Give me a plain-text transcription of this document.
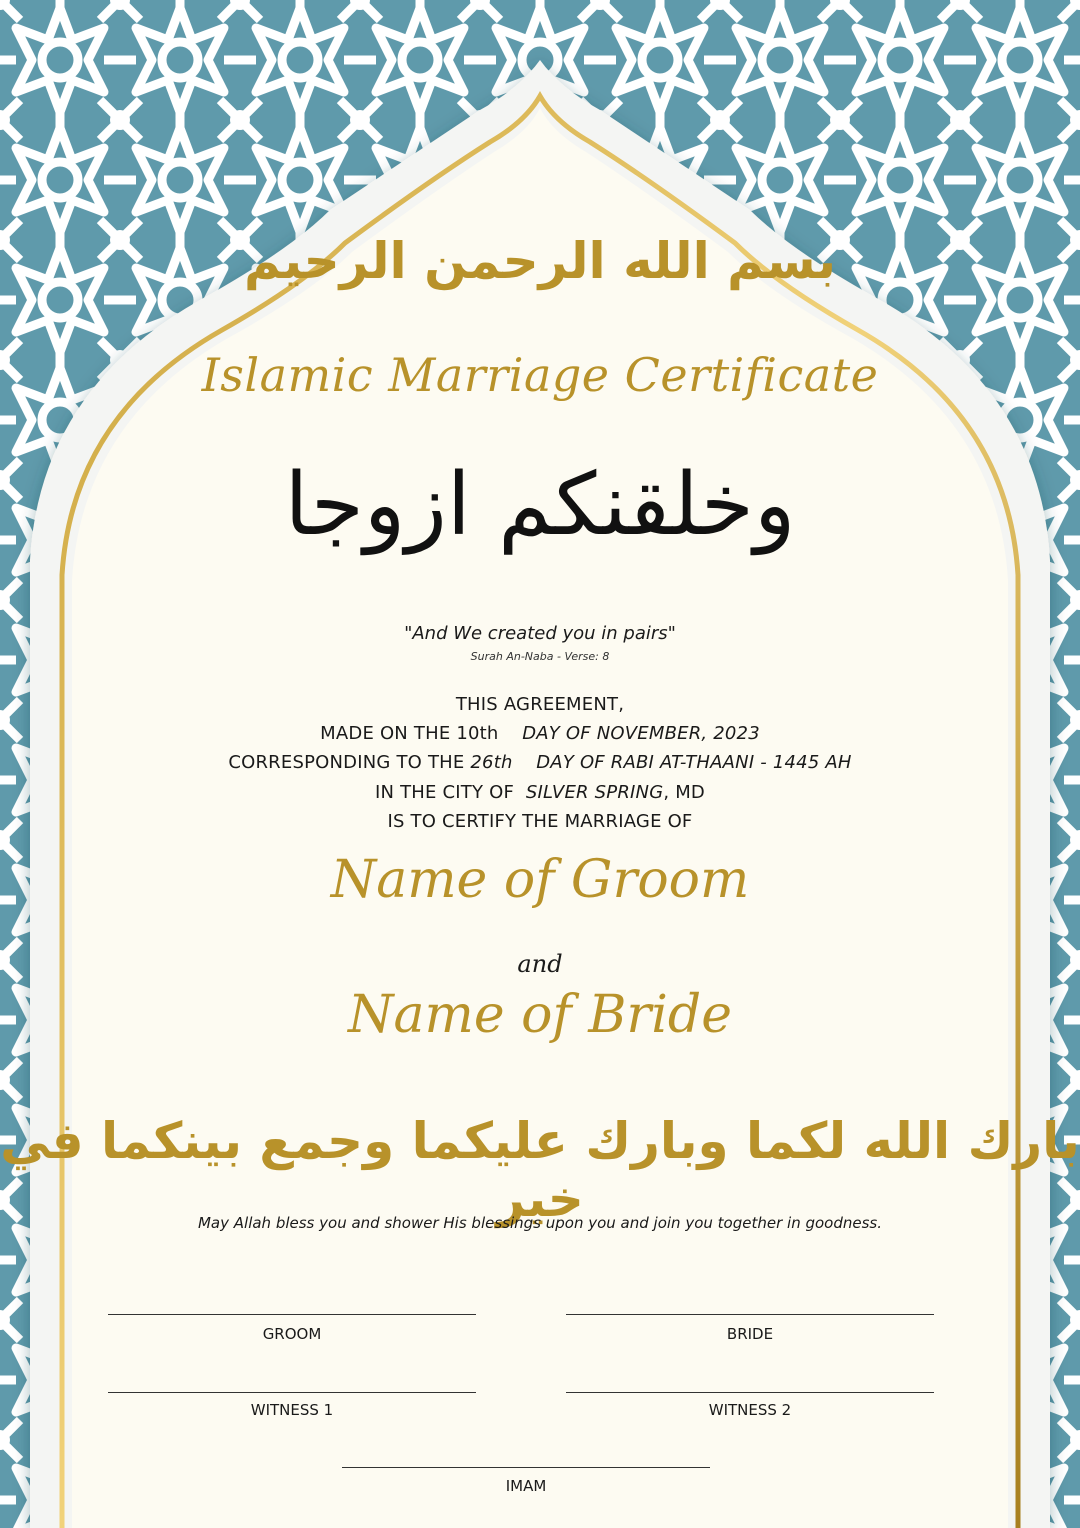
بسم الله الرحمن الرحيم
Islamic Marriage Certificate
وخلقنكم ازوجا
"And We created you in pairs"
Surah An-Naba - Verse: 8
THIS AGREEMENT,
MADE ON THE 10th DAY OF NOVEMBER, 2023
CORRESPONDING TO THE 26th DAY OF RABI AT-THAANI - 1445 AH
IN THE CITY OF SILVER SPRING, MD
IS TO CERTIFY THE MARRIAGE OF
Name of Groom
and
Name of Bride
بارك الله لكما وبارك عليكما وجمع بينكما في خير
May Allah bless you and shower His blessings upon you and join you together in goodness.
GROOM	BRIDE
WITNESS 1	WITNESS 2
IMAM
